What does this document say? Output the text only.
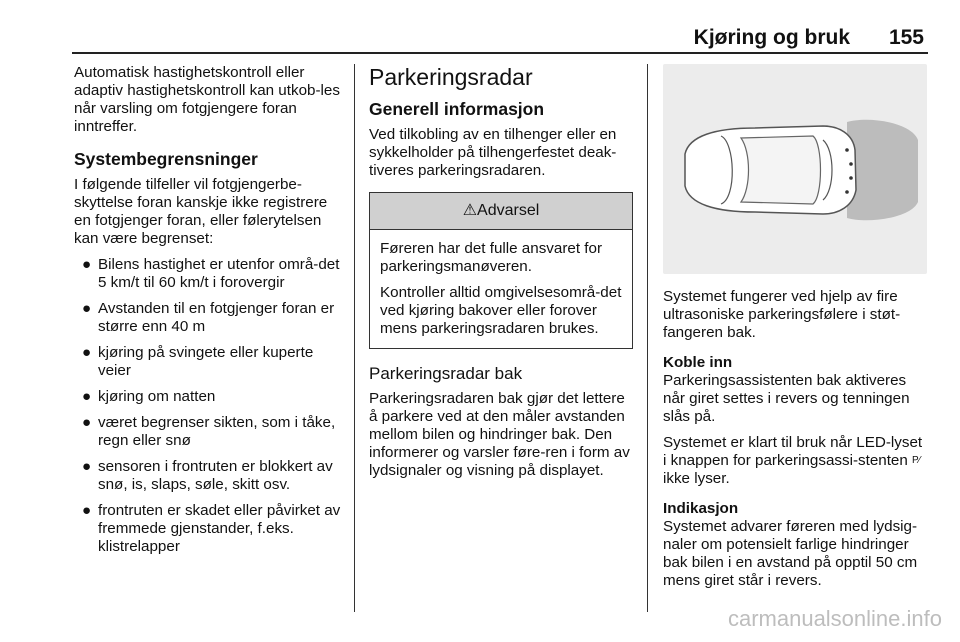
Kjøring og bruk 155

Automatisk hastighetskontroll eller adaptiv hastighetskontroll kan utkob-les når varsling om fotgjengere foran inntreffer.

Systembegrensninger

I følgende tilfeller vil fotgjengerbe-skyttelse foran kanskje ikke registrere en fotgjenger foran, eller følerytelsen kan være begrenset:

● Bilens hastighet er utenfor områ-det 5 km/t til 60 km/t i forovergir
● Avstanden til en fotgjenger foran er større enn 40 m
● kjøring på svingete eller kuperte veier
● kjøring om natten
● været begrenser sikten, som i tåke, regn eller snø
● sensoren i frontruten er blokkert av snø, is, slaps, søle, skitt osv.
● frontruten er skadet eller påvirket av fremmede gjenstander, f.eks. klistrelapper
Parkeringsradar
Generell informasjon

Ved tilkobling av en tilhenger eller en sykkelholder på tilhengerfestet deak-tiveres parkeringsradaren.

⚠Advarsel

Føreren har det fulle ansvaret for parkeringsmanøveren.

Kontroller alltid omgivelsesområ-det ved kjøring bakover eller forover mens parkeringsradaren brukes.

Parkeringsradar bak

Parkeringsradaren bak gjør det lettere å parkere ved at den måler avstanden mellom bilen og hindringer bak. Den informerer og varsler føre-ren i form av lydsignaler og visning på displayet.

Systemet fungerer ved hjelp av fire ultrasoniske parkeringsfølere i støt-fangeren bak.

Koble inn

Parkeringsassistenten bak aktiveres når giret settes i revers og tenningen slås på.

Systemet er klart til bruk når LED-lyset i knappen for parkeringsassi-stenten P⁄ ikke lyser.

Indikasjon

Systemet advarer føreren med lydsig-naler om potensielt farlige hindringer bak bilen i en avstand på opptil 50 cm mens giret står i revers.

carmanualsonline.info
